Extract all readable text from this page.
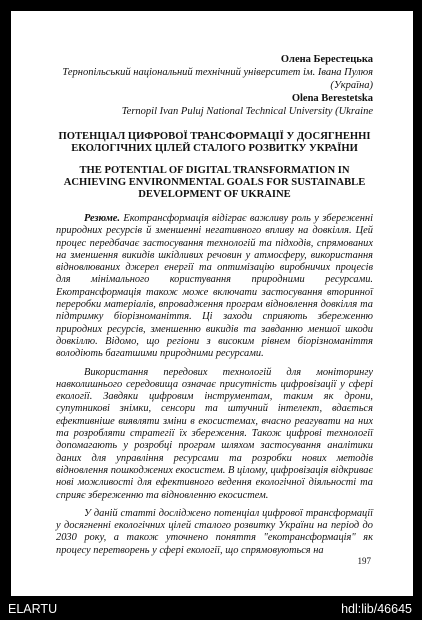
Олена Берестецька
Тернопільський національний технічний університет ім. Івана Пулюя (Україна)
Olena Berestetska
Ternopil Ivan Puluj National Technical University (Ukraine
ПОТЕНЦІАЛ ЦИФРОВОЇ ТРАНСФОРМАЦІЇ У ДОСЯГНЕННІ ЕКОЛОГІЧНИХ ЦІЛЕЙ СТАЛОГО РОЗВИТКУ УКРАЇНИ
THE POTENTIAL OF DIGITAL TRANSFORMATION IN ACHIEVING ENVIRONMENTAL GOALS FOR SUSTAINABLE DEVELOPMENT OF UKRAINE

Резюме. Екотрансформація відіграє важливу роль у збереженні природних ресурсів й зменшенні негативного впливу на довкілля. Цей процес передбачає застосування технологій та підходів, спрямованих на зменшення викидів шкідливих речовин у атмосферу, використання відновлюваних джерел енергії та оптимізацію виробничих процесів для мінімального користування природними ресурсами. Екотрансформація також може включати застосування вторинної переробки матеріалів, впровадження програм відновлення довкілля та підтримку біорізноманіття. Ці заходи сприяють збереженню природних ресурсів, зменшенню викидів та завданню меншої шкоди довкіллю. Відомо, що регіони з високим рівнем біорізноманіття володіють багатшими природними ресурсами.

Використання передових технологій для моніторингу навколишнього середовища означає присутність цифровізації у сфері екології. Завдяки цифровим інструментам, таким як дрони, супутникові знімки, сенсори та штучний інтелект, вдається ефективніше виявляти зміни в екосистемах, вчасно реагувати на них та розробляти стратегії їх збереження. Також цифрові технології допомагають у розробці програм шляхом застосування аналітики даних для управління ресурсами та розробки нових методів відновлення пошкоджених екосистем. В цілому, цифровізація відкриває нові можливості для ефективного ведення екологічної діяльності та сприяє збереженню та відновленню екосистем.

У даній статті досліджено потенціал цифрової трансформації у досягненні екологічних цілей сталого розвитку України на період до 2030 року, а також уточнено поняття "екотрансформація" як процесу перетворень у сфері екології, що спрямовуються на

197
ELARTU	hdl:lib/46645
